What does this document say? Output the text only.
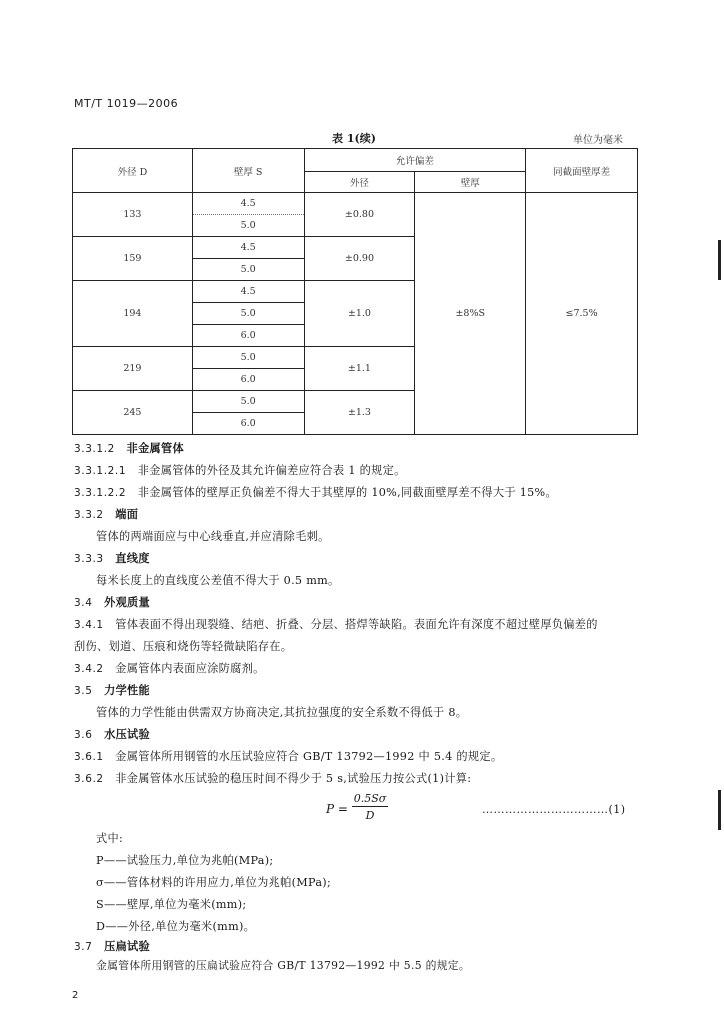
MT/T 1019—2006
表 1(续)	单位为毫米
外径 D	壁厚 S	允许偏差		同截面壁厚差
		外径	壁厚	
133	4.5	±0.80	±8%S	≤7.5%
	5.0			
159	4.5	±0.90		
	5.0			
194	4.5	±1.0		
	5.0			
	6.0			
219	5.0	±1.1		
	6.0			
245	5.0	±1.3		
	6.0			
3.3.1.2 非金属管体
3.3.1.2.1 非金属管体的外径及其允许偏差应符合表 1 的规定。
3.3.1.2.2 非金属管体的壁厚正负偏差不得大于其壁厚的 10%,同截面壁厚差不得大于 15%。
3.3.2 端面
管体的两端面应与中心线垂直,并应清除毛刺。
3.3.3 直线度
每米长度上的直线度公差值不得大于 0.5 mm。
3.4 外观质量
3.4.1 管体表面不得出现裂缝、结疤、折叠、分层、搭焊等缺陷。表面允许有深度不超过壁厚负偏差的
刮伤、划道、压痕和烧伤等轻微缺陷存在。
3.4.2 金属管体内表面应涂防腐剂。
3.5 力学性能
管体的力学性能由供需双方协商决定,其抗拉强度的安全系数不得低于 8。
3.6 水压试验
3.6.1 金属管体所用钢管的水压试验应符合 GB/T 13792—1992 中 5.4 的规定。
3.6.2 非金属管体水压试验的稳压时间不得少于 5 s,试验压力按公式(1)计算:
$P = \frac{0.5S\sigma}{D}$	……………………………(1)
式中:
P——试验压力,单位为兆帕(MPa);
σ——管体材料的许用应力,单位为兆帕(MPa);
S——壁厚,单位为毫米(mm);
D——外径,单位为毫米(mm)。
3.7 压扁试验
金属管体所用钢管的压扁试验应符合 GB/T 13792—1992 中 5.5 的规定。
2
